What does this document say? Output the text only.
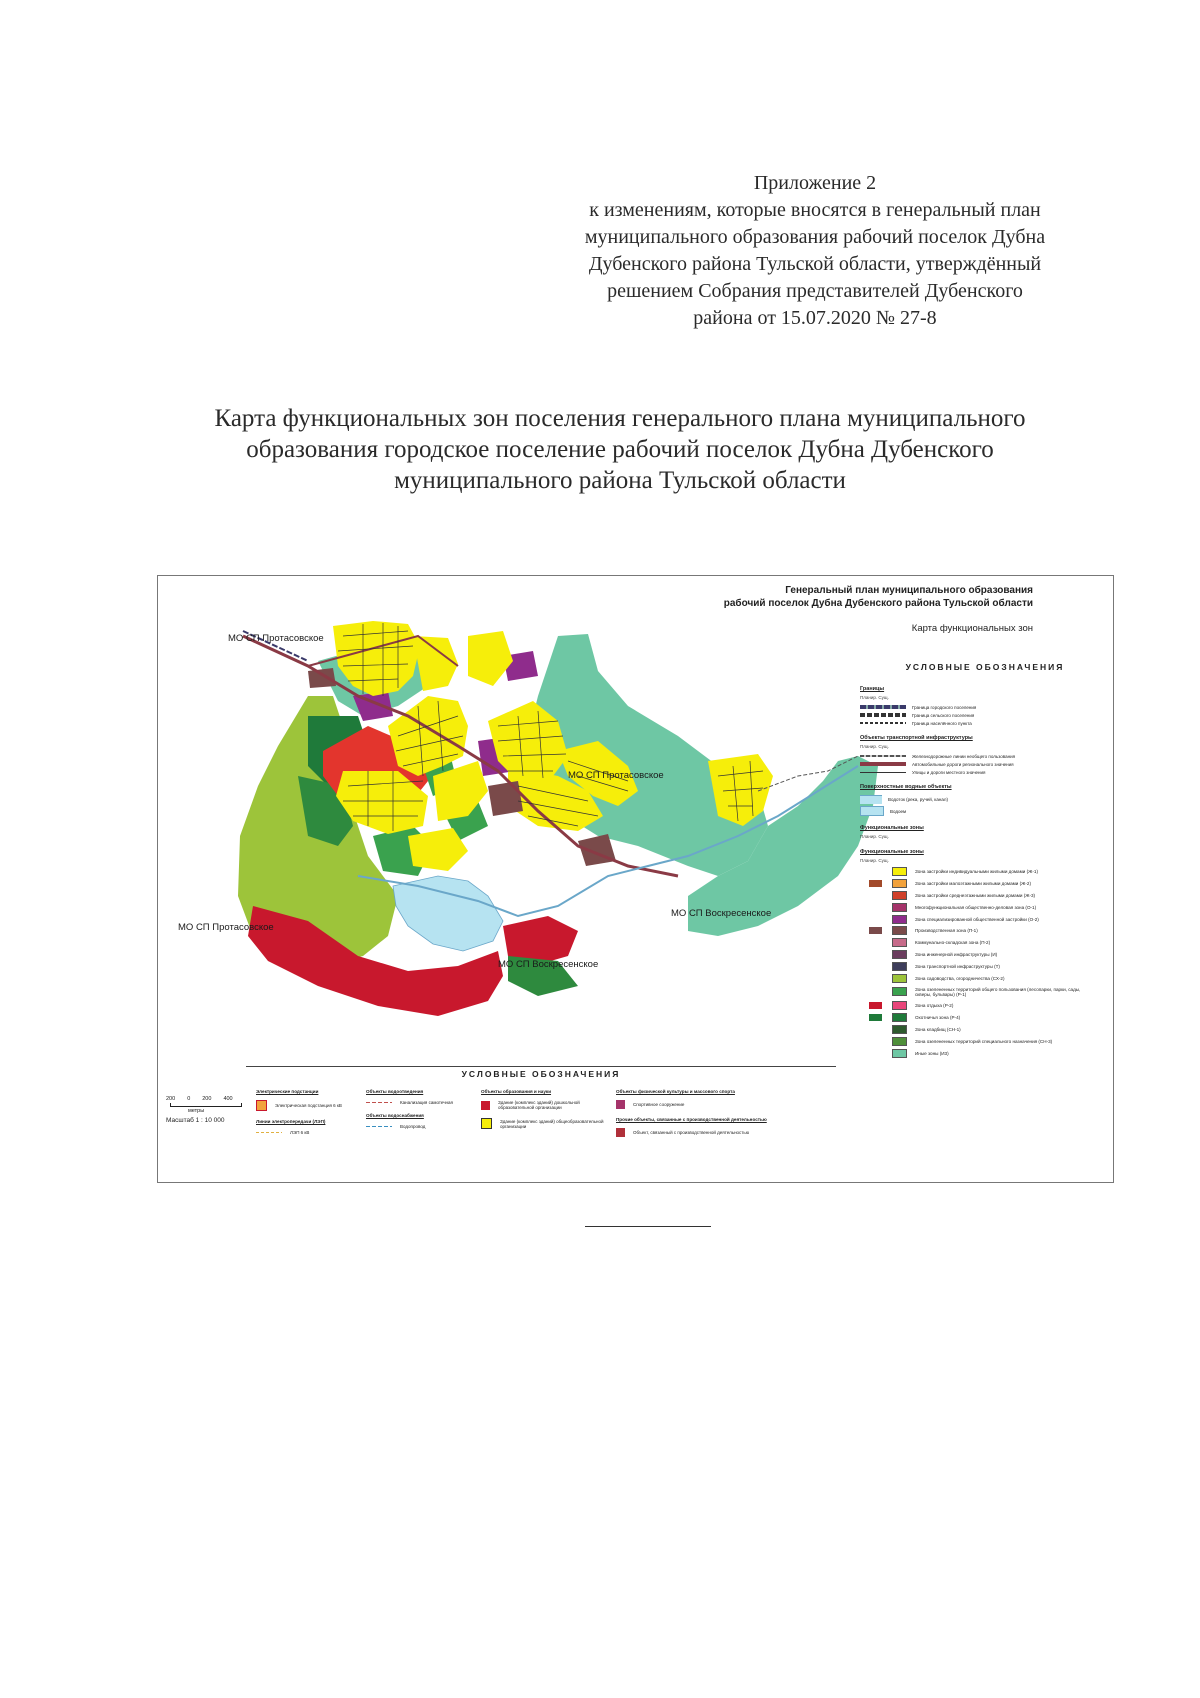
Приложение 2
к изменениям, которые вносятся в генеральный план
муниципального образования рабочий поселок Дубна
Дубенского района Тульской области, утверждённый
решением Собрания представителей Дубенского
района от 15.07.2020 № 27-8
Карта функциональных зон поселения генерального плана муниципального
образования городское поселение рабочий поселок Дубна Дубенского
муниципального района Тульской области
Генеральный план муниципального образования
рабочий поселок Дубна Дубенского района Тульской области
Карта функциональных зон
МО СП Протасовское
МО СП Протасовское
МО СП Протасовское
МО СП Воскресенское
МО СП Воскресенское
УСЛОВНЫЕ ОБОЗНАЧЕНИЯ
Границы
Планир. Сущ.
Граница городского поселения
Граница сельского поселения
Граница населённого пункта
Объекты транспортной инфраструктуры
Планир. Сущ.
Железнодорожные линии необщего пользования
Автомобильные дороги регионального значения
Улицы и дороги местного значения
Поверхностные водные объекты
Водоток (река, ручей, канал)
Водоем
Функциональные зоны
Планир. Сущ.
Функциональные зоны
Планир. Сущ.
Зона застройки индивидуальными жилыми домами (Ж-1)
Зона застройки малоэтажными жилыми домами (Ж-2)
Зона застройки среднеэтажными жилыми домами (Ж-3)
Многофункциональная общественно-деловая зона (О-1)
Зона специализированной общественной застройки (О-2)
Производственная зона (П-1)
Коммунально-складская зона (П-2)
Зона инженерной инфраструктуры (И)
Зона транспортной инфраструктуры (Т)
Зона садоводства, огородничества (СХ-2)
Зона озелененных территорий общего пользования (лесопарки, парки, сады, скверы, бульвары) (Р-1)
Зона отдыха (Р-2)
Охотничья зона (Р-4)
Зона кладбищ (СН-1)
Зона озелененных территорий специального назначения (СН-3)
Иные зоны (И3)
УСЛОВНЫЕ ОБОЗНАЧЕНИЯ
Электрические подстанции
Электрическая подстанция 6 кВ
Линии электропередачи (ЛЭП)
ЛЭП 6 кВ
Объекты водоотведения
Канализация самотечная
Объекты водоснабжения
Водопровод
Объекты образования и науки
Здание (комплекс зданий) дошкольной образовательной организации
Здание (комплекс зданий) общеобразовательной организации
Объекты физической культуры и массового спорта
Спортивное сооружение
Прочие объекты, связанные с производственной деятельностью
Объект, связанный с производственной деятельностью
200 0 200 400
метры
Масштаб 1 : 10 000
